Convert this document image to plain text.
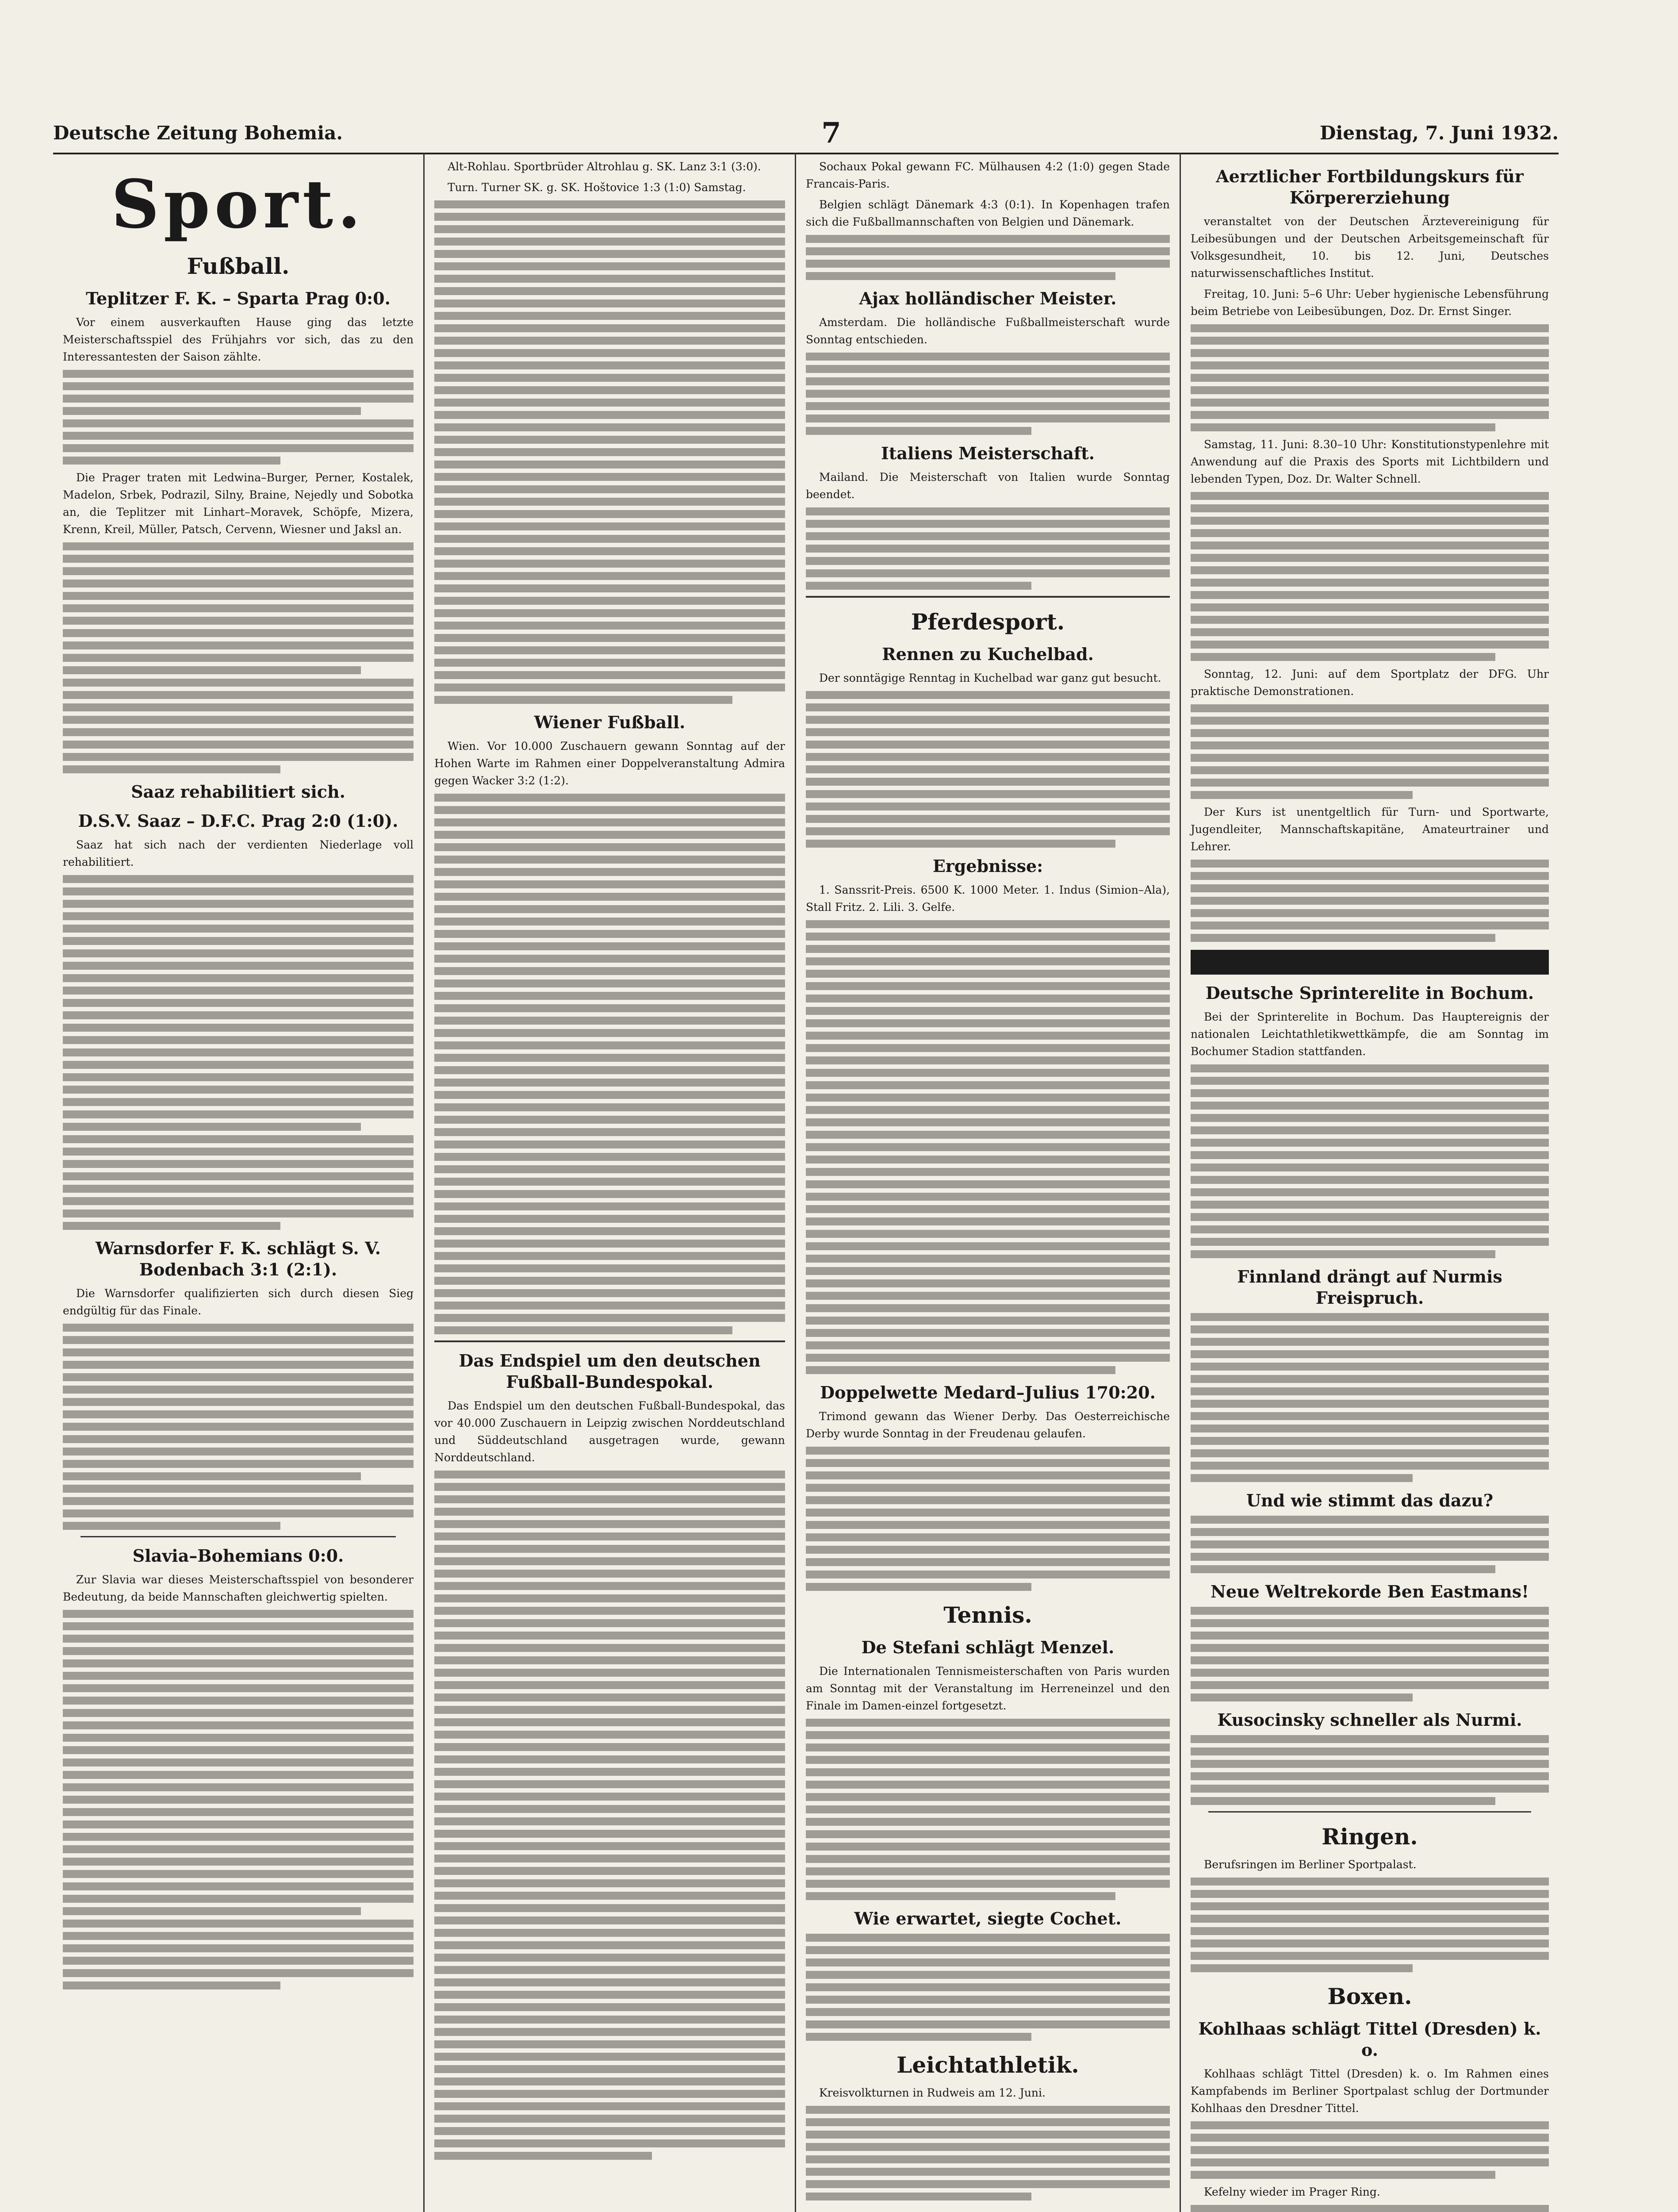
Deutsche Zeitung Bohemia.	7	Dienstag, 7. Juni 1932.
Sport.
Fußball.
Teplitzer F. K. – Sparta Prag 0:0.

Vor einem ausverkauften Hause ging das letzte Meisterschaftsspiel des Frühjahrs vor sich, das zu den Interessantesten der Saison zählte.

Die Prager traten mit Ledwina–Burger, Perner, Kostalek, Madelon, Srbek, Podrazil, Silny, Braine, Nejedly und Sobotka an, die Teplitzer mit Linhart–Moravek, Schöpfe, Mizera, Krenn, Kreil, Müller, Patsch, Cervenn, Wiesner und Jaksl an.

Saaz rehabilitiert sich.
D.S.V. Saaz – D.F.C. Prag 2:0 (1:0).

Saaz hat sich nach der verdienten Niederlage voll rehabilitiert.

Warnsdorfer F. K. schlägt S. V. Bodenbach 3:1 (2:1).

Die Warnsdorfer qualifizierten sich durch diesen Sieg endgültig für das Finale.

Slavia–Bohemians 0:0.

Zur Slavia war dieses Meisterschaftsspiel von besonderer Bedeutung, da beide Mannschaften gleichwertig spielten.

Alt-Rohlau. Sportbrüder Altrohlau g. SK. Lanz 3:1 (3:0).

Turn. Turner SK. g. SK. Hoštovice 1:3 (1:0) Samstag.

Wiener Fußball.

Wien. Vor 10.000 Zuschauern gewann Sonntag auf der Hohen Warte im Rahmen einer Doppelveranstaltung Admira gegen Wacker 3:2 (1:2).

Das Endspiel um den deutschen Fußball-Bundespokal.

Das Endspiel um den deutschen Fußball-Bundespokal, das vor 40.000 Zuschauern in Leipzig zwischen Norddeutschland und Süddeutschland ausgetragen wurde, gewann Norddeutschland.

Sochaux Pokal gewann FC. Mülhausen 4:2 (1:0) gegen Stade Francais-Paris.

Belgien schlägt Dänemark 4:3 (0:1). In Kopenhagen trafen sich die Fußballmannschaften von Belgien und Dänemark.

Ajax holländischer Meister.

Amsterdam. Die holländische Fußballmeisterschaft wurde Sonntag entschieden.

Italiens Meisterschaft.

Mailand. Die Meisterschaft von Italien wurde Sonntag beendet.

Pferdesport.
Rennen zu Kuchelbad.

Der sonntägige Renntag in Kuchelbad war ganz gut besucht.

Ergebnisse:

1. Sanssrit-Preis. 6500 K. 1000 Meter. 1. Indus (Simion–Ala), Stall Fritz. 2. Lili. 3. Gelfe.

Doppelwette Medard–Julius 170:20.

Trimond gewann das Wiener Derby. Das Oesterreichische Derby wurde Sonntag in der Freudenau gelaufen.

Tennis.
De Stefani schlägt Menzel.

Die Internationalen Tennismeisterschaften von Paris wurden am Sonntag mit der Veranstaltung im Herreneinzel und den Finale im Damen-einzel fortgesetzt.

Wie erwartet, siegte Cochet.
Leichtathletik.

Kreisvolkturnen in Rudweis am 12. Juni.

Aerztlicher Fortbildungskurs für Körpererziehung

veranstaltet von der Deutschen Ärztevereinigung für Leibesübungen und der Deutschen Arbeitsgemeinschaft für Volksgesundheit, 10. bis 12. Juni, Deutsches naturwissenschaftliches Institut.

Freitag, 10. Juni: 5–6 Uhr: Ueber hygienische Lebensführung beim Betriebe von Leibesübungen, Doz. Dr. Ernst Singer.

Samstag, 11. Juni: 8.30–10 Uhr: Konstitutionstypenlehre mit Anwendung auf die Praxis des Sports mit Lichtbildern und lebenden Typen, Doz. Dr. Walter Schnell.

Sonntag, 12. Juni: auf dem Sportplatz der DFG. Uhr praktische Demonstrationen.

Der Kurs ist unentgeltlich für Turn- und Sportwarte, Jugendleiter, Mannschaftskapitäne, Amateurtrainer und Lehrer.

Deutsche Sprinterelite in Bochum.

Bei der Sprinterelite in Bochum. Das Hauptereignis der nationalen Leichtathletikwettkämpfe, die am Sonntag im Bochumer Stadion stattfanden.

Finnland drängt auf Nurmis Freispruch.
Und wie stimmt das dazu?
Neue Weltrekorde Ben Eastmans!
Kusocinsky schneller als Nurmi.
Ringen.

Berufsringen im Berliner Sportpalast.

Boxen.
Kohlhaas schlägt Tittel (Dresden) k. o.

Kohlhaas schlägt Tittel (Dresden) k. o. Im Rahmen eines Kampfabends im Berliner Sportpalast schlug der Dortmunder Kohlhaas den Dresdner Tittel.

Kefelny wieder im Prager Ring.
